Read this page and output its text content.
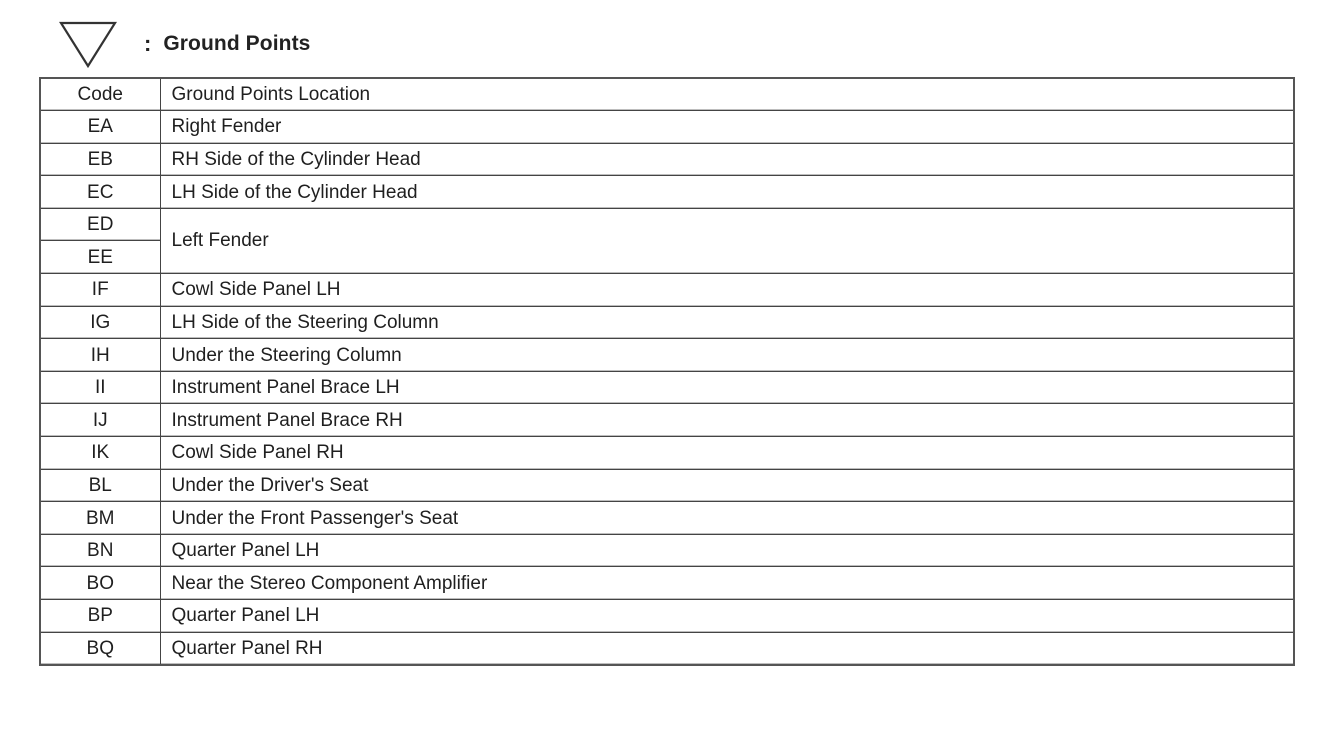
: Ground Points
Code	Ground Points Location
EA	Right Fender
EB	RH Side of the Cylinder Head
EC	LH Side of the Cylinder Head
ED	Left Fender
EE	
IF	Cowl Side Panel LH
IG	LH Side of the Steering Column
IH	Under the Steering Column
II	Instrument Panel Brace LH
IJ	Instrument Panel Brace RH
IK	Cowl Side Panel RH
BL	Under the Driver's Seat
BM	Under the Front Passenger's Seat
BN	Quarter Panel LH
BO	Near the Stereo Component Amplifier
BP	Quarter Panel LH
BQ	Quarter Panel RH
